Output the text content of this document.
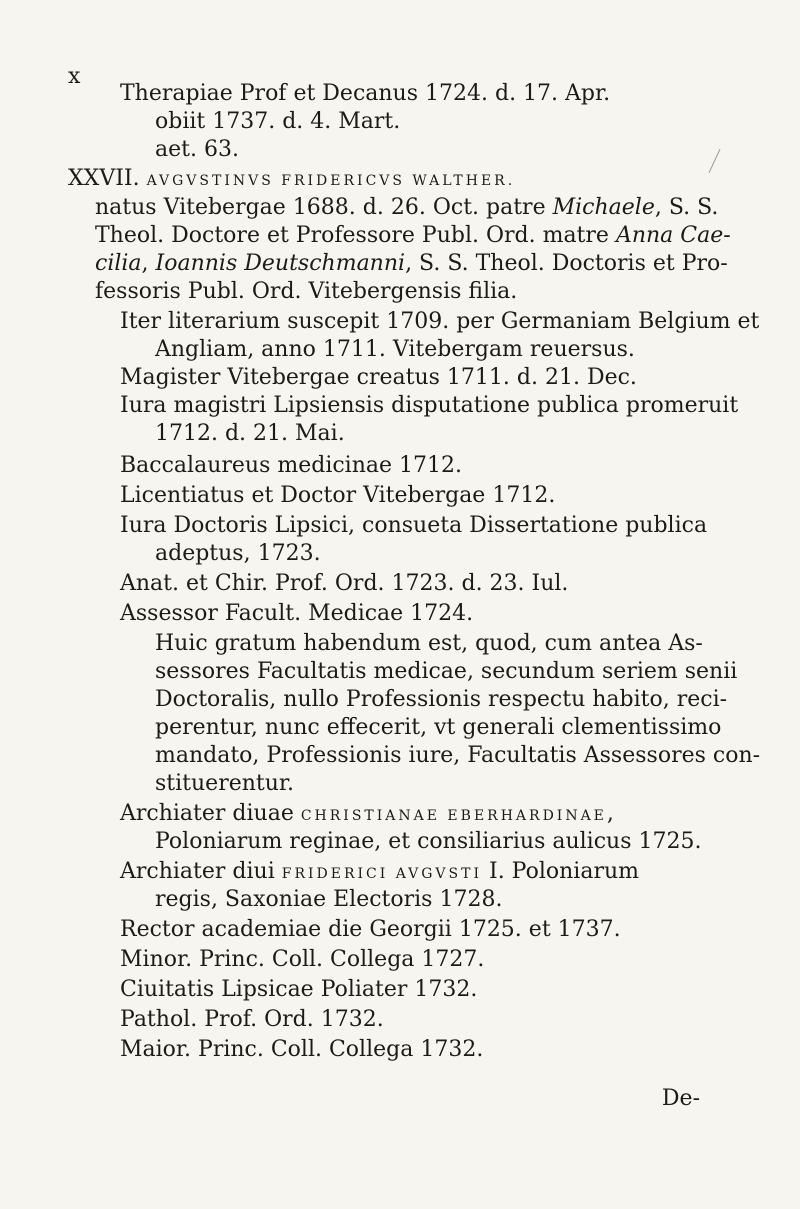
x
Therapiae Prof et Decanus 1724. d. 17. Apr.
obiit 1737. d. 4. Mart.
aet. 63.
XXVII. AVGVSTINVS FRIDERICVS WALTHER.
natus Vitebergae 1688. d. 26. Oct. patre Michaele, S. S.
Theol. Doctore et Professore Publ. Ord. matre Anna Cae-
cilia, Ioannis Deutschmanni, S. S. Theol. Doctoris et Pro-
fessoris Publ. Ord. Vitebergensis filia.
Iter literarium suscepit 1709. per Germaniam Belgium et
Angliam, anno 1711. Vitebergam reuersus.
Magister Vitebergae creatus 1711. d. 21. Dec.
Iura magistri Lipsiensis disputatione publica promeruit
1712. d. 21. Mai.
Baccalaureus medicinae 1712.
Licentiatus et Doctor Vitebergae 1712.
Iura Doctoris Lipsici, consueta Dissertatione publica
adeptus, 1723.
Anat. et Chir. Prof. Ord. 1723. d. 23. Iul.
Assessor Facult. Medicae 1724.
Huic gratum habendum est, quod, cum antea As-
sessores Facultatis medicae, secundum seriem senii
Doctoralis, nullo Professionis respectu habito, reci-
perentur, nunc effecerit, vt generali clementissimo
mandato, Professionis iure, Facultatis Assessores con-
stituerentur.
Archiater diuae CHRISTIANAE EBERHARDINAE,
Poloniarum reginae, et consiliarius aulicus 1725.
Archiater diui FRIDERICI AVGVSTI I. Poloniarum
regis, Saxoniae Electoris 1728.
Rector academiae die Georgii 1725. et 1737.
Minor. Princ. Coll. Collega 1727.
Ciuitatis Lipsicae Poliater 1732.
Pathol. Prof. Ord. 1732.
Maior. Princ. Coll. Collega 1732.
De-
